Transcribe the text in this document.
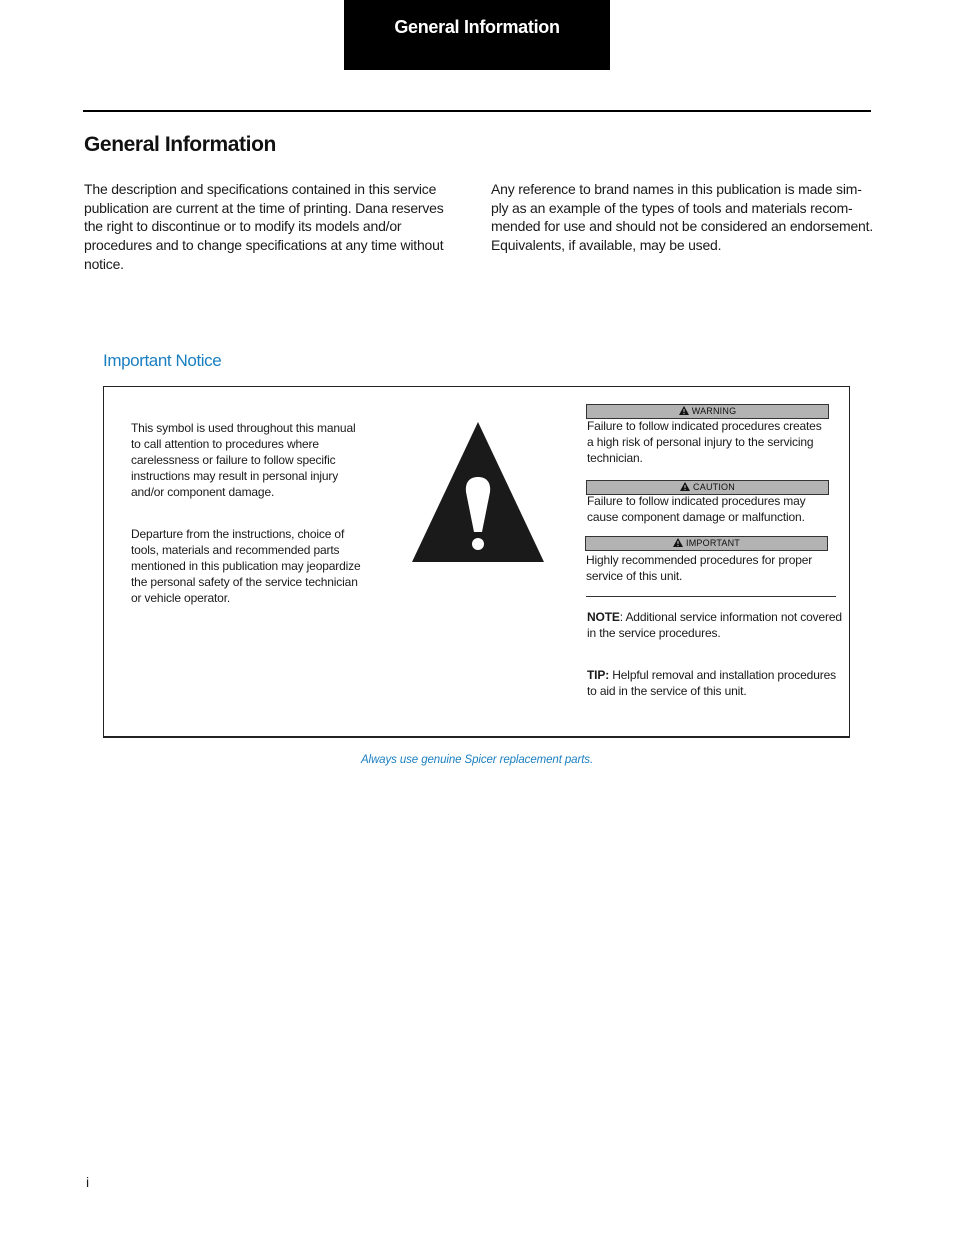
General Information
General Information

The description and specifications contained in this service publication are current at the time of printing. Dana reserves the right to discontinue or to modify its models and/or procedures and to change specifications at any time without notice.

Any reference to brand names in this publication is made sim- ply as an example of the types of tools and materials recom- mended for use and should not be considered an endorsement. Equivalents, if available, may be used.

Important Notice

This symbol is used throughout this manual to call attention to procedures where carelessness or failure to follow specific instructions may result in personal injury and/or component damage.

Departure from the instructions, choice of tools, materials and recommended parts mentioned in this publication may jeopardize the personal safety of the service technician or vehicle operator.

WARNING

Failure to follow indicated procedures creates a high risk of personal injury to the servicing technician.

CAUTION

Failure to follow indicated procedures may cause component damage or malfunction.

IMPORTANT

Highly recommended procedures for proper service of this unit.

NOTE: Additional service information not covered in the service procedures.

TIP: Helpful removal and installation procedures to aid in the service of this unit.

Always use genuine Spicer replacement parts.

i
